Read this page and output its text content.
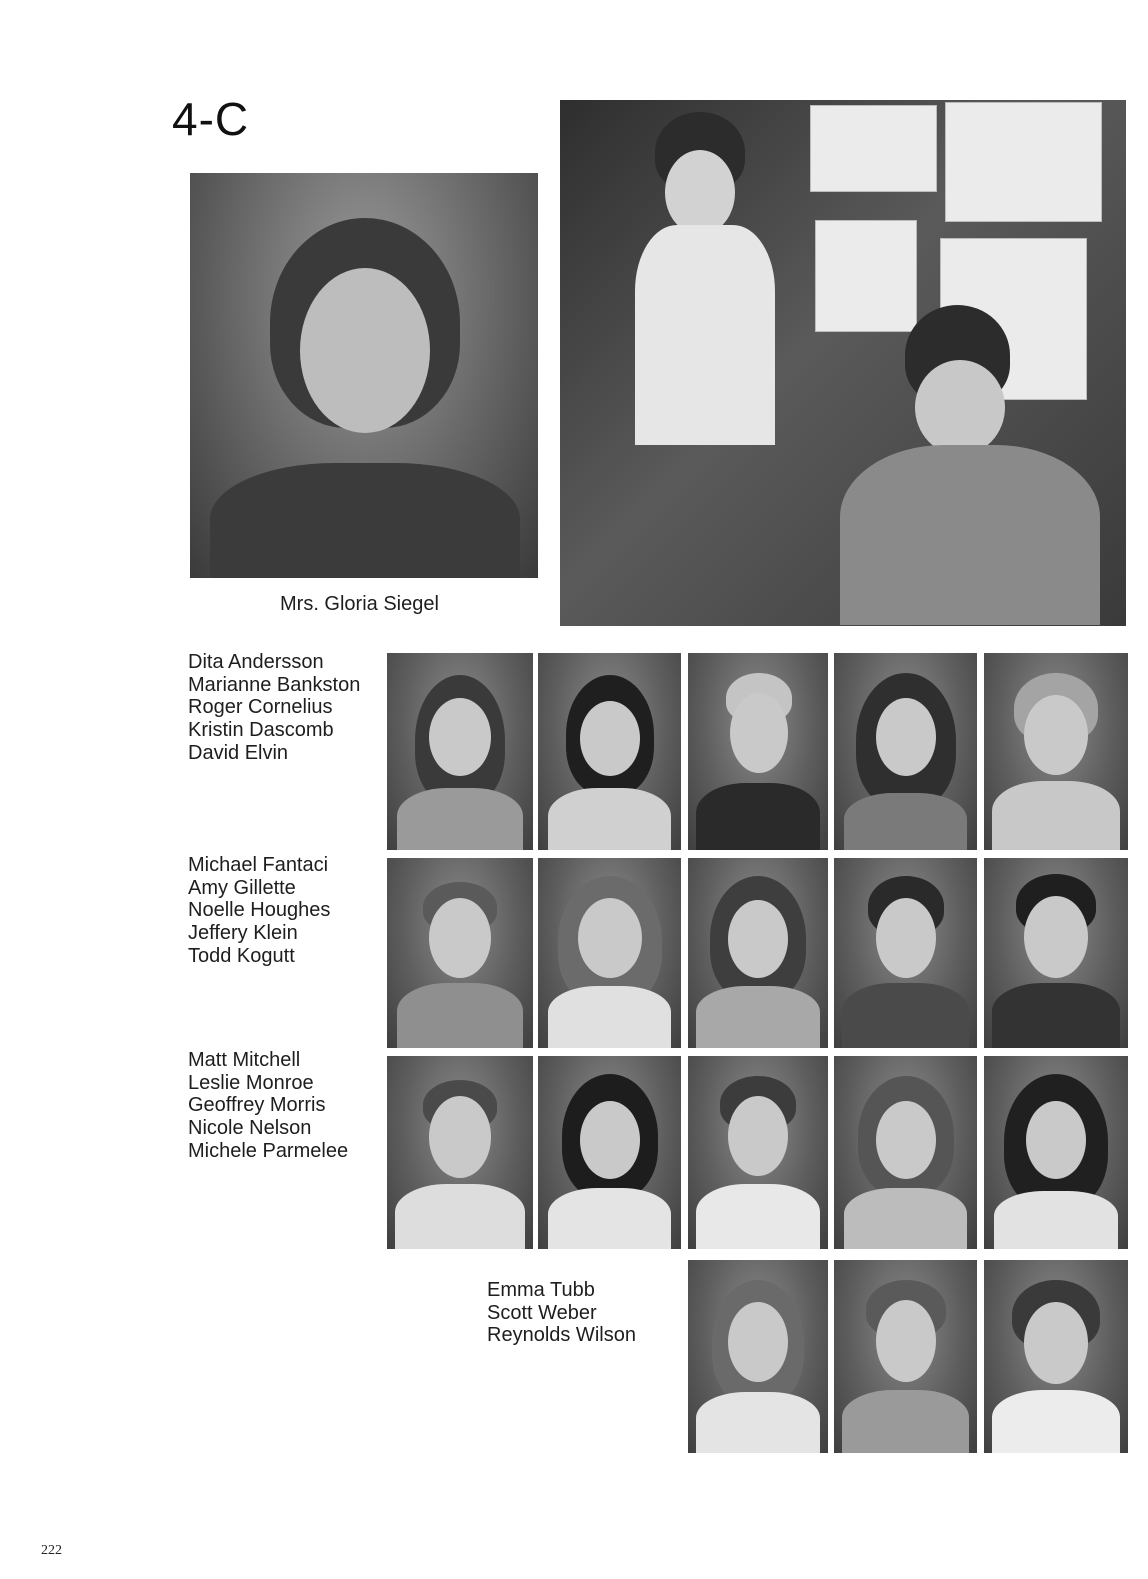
4-C
Mrs. Gloria Siegel
Dita Andersson
Marianne Bankston
Roger Cornelius
Kristin Dascomb
David Elvin
Michael Fantaci
Amy Gillette
Noelle Houghes
Jeffery Klein
Todd Kogutt
Matt Mitchell
Leslie Monroe
Geoffrey Morris
Nicole Nelson
Michele Parmelee
Emma Tubb
Scott Weber
Reynolds Wilson
222
